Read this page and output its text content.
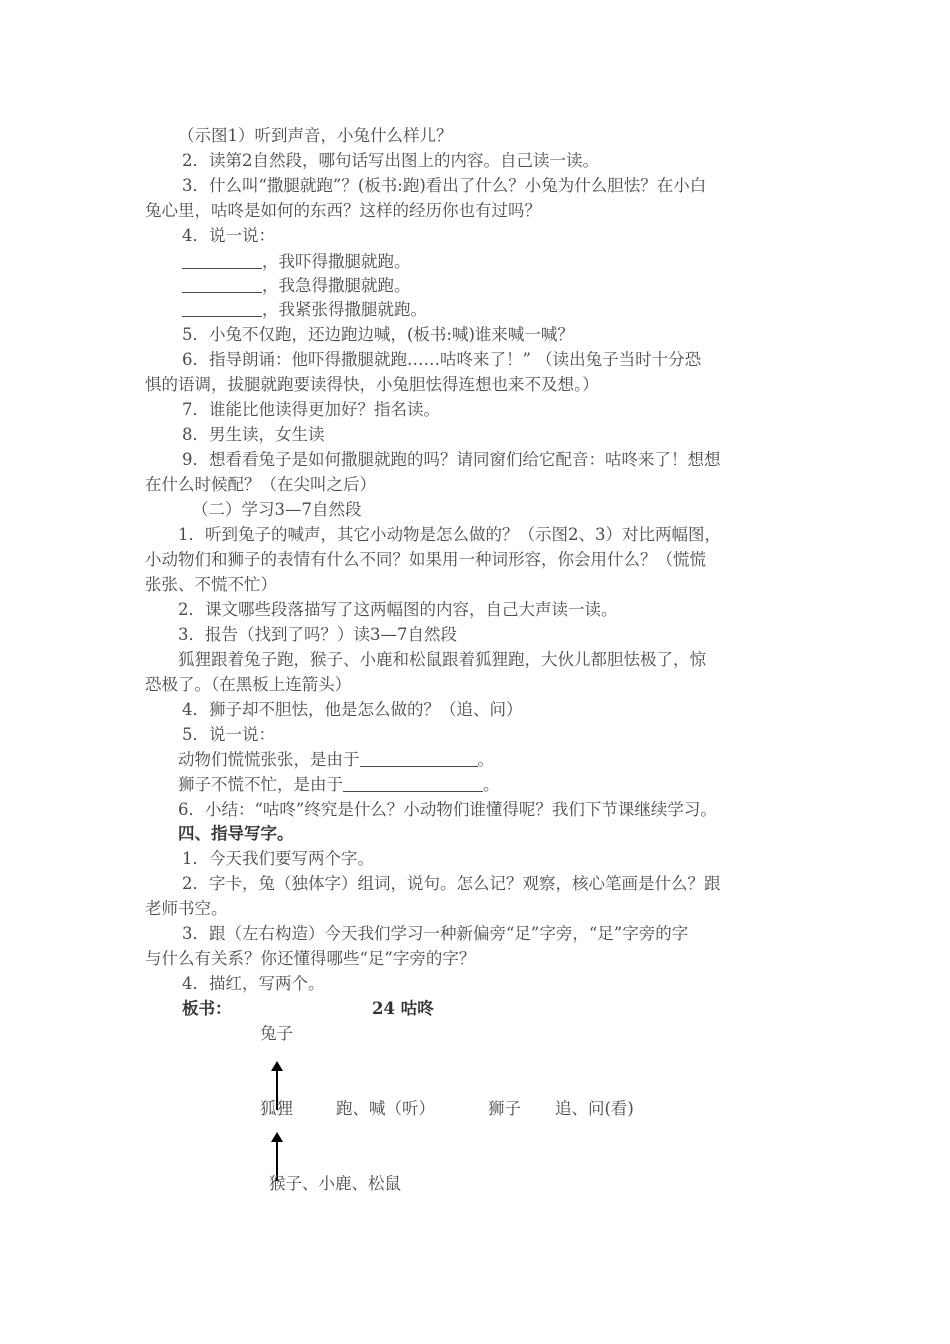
（示图1）听到声音，小兔什么样儿？
2．读第2自然段，哪句话写出图上的内容。自己读一读。
3．什么叫“撒腿就跑”？(板书:跑)看出了什么？小兔为什么胆怯？在小白
兔心里，咕咚是如何的东西？这样的经历你也有过吗？
4．说一说：
，我吓得撒腿就跑。
，我急得撒腿就跑。
，我紧张得撒腿就跑。
5．小兔不仅跑，还边跑边喊，(板书:喊)谁来喊一喊？
6．指导朗诵：他吓得撒腿就跑……咕咚来了！” （读出兔子当时十分恐
惧的语调，拔腿就跑要读得快，小兔胆怯得连想也来不及想。）
7．谁能比他读得更加好？指名读。
8．男生读，女生读
9．想看看兔子是如何撒腿就跑的吗？请同窗们给它配音：咕咚来了！想想
在什么时候配？（在尖叫之后）
（二）学习3—7自然段
1．听到兔子的喊声，其它小动物是怎么做的？（示图2、3）对比两幅图，
小动物们和狮子的表情有什么不同？如果用一种词形容，你会用什么？（慌慌
张张、不慌不忙）
2．课文哪些段落描写了这两幅图的内容，自己大声读一读。
3．报告（找到了吗？）读3—7自然段
狐狸跟着兔子跑，猴子、小鹿和松鼠跟着狐狸跑，大伙儿都胆怯极了，惊
恐极了。（在黑板上连箭头）
4．狮子却不胆怯，他是怎么做的？（追、问）
5．说一说：
动物们慌慌张张，是由于	。
狮子不慌不忙，是由于	。
6．小结：“咕咚”终究是什么？小动物们谁懂得呢？我们下节课继续学习。
四、指导写字。
1．今天我们要写两个字。
2．字卡，兔（独体字）组词，说句。怎么记？观察，核心笔画是什么？跟
老师书空。
3．跟（左右构造）今天我们学习一种新偏旁“足”字旁，“足”字旁的字
与什么有关系？你还懂得哪些“足”字旁的字？
4．描红，写两个。
板书：	24 咕咚
兔子
狐狸	跑、喊（听）	狮子 追、问(看)
猴子、小鹿、松鼠
